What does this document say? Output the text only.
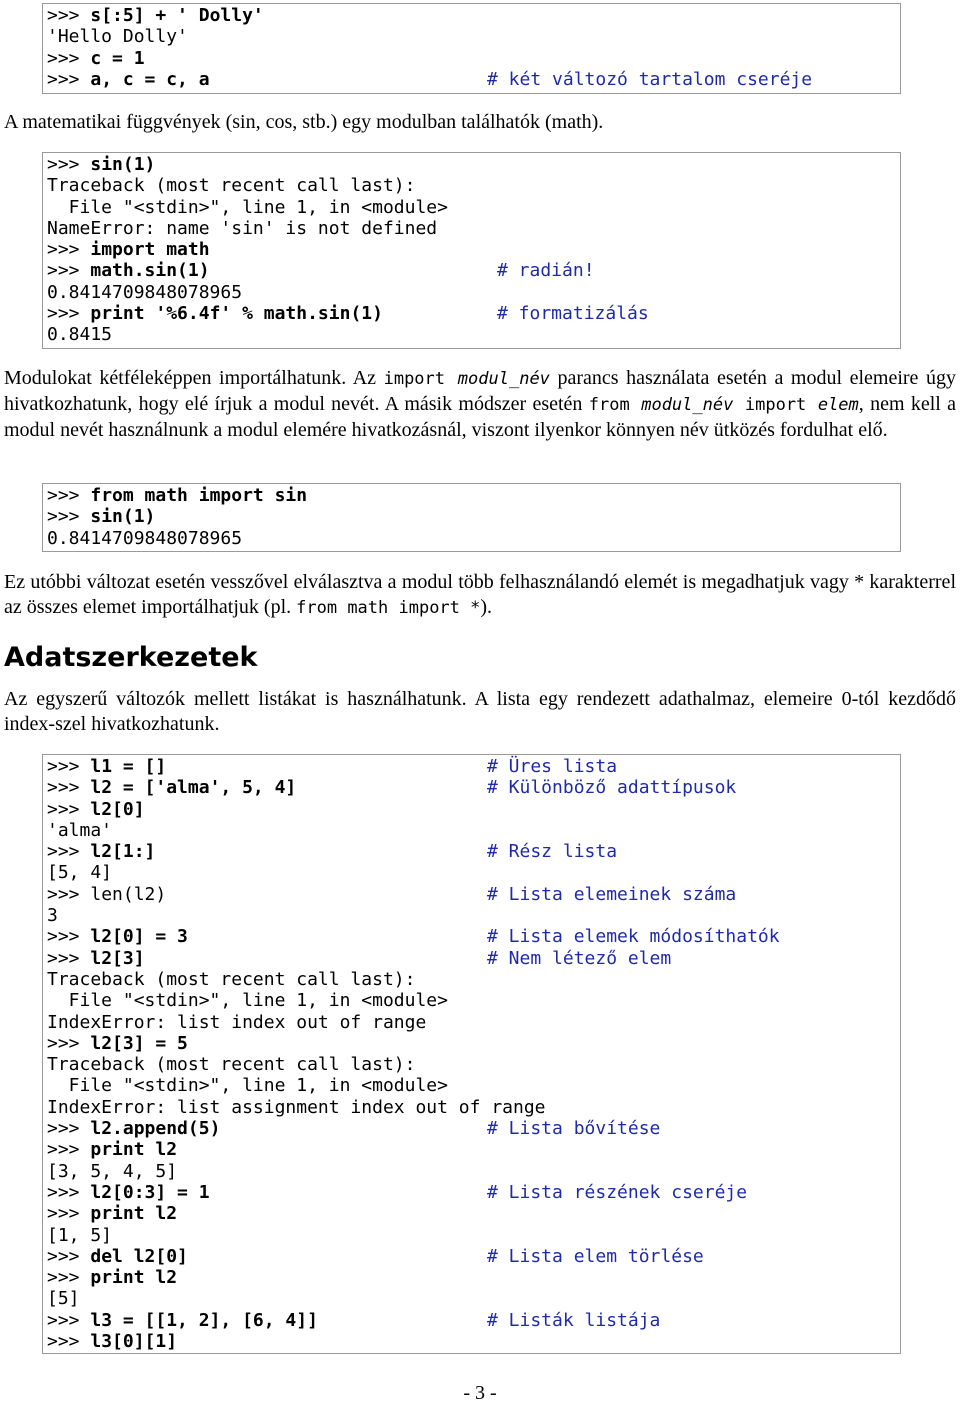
>>> s[:5] + ' Dolly'
'Hello Dolly'
>>> c = 1
>>> a, c = c, a	# két változó tartalom cseréje

A matematikai függvények (sin, cos, stb.) egy modulban találhatók (math).

>>> sin(1)
Traceback (most recent call last):
File "<stdin>", line 1, in <module>
NameError: name 'sin' is not defined
>>> import math
>>> math.sin(1)	# radián!
0.8414709848078965
>>> print '%6.4f' % math.sin(1)	# formatizálás
0.8415

Modulokat kétféleképpen importálhatunk. Az import modul_név parancs használata esetén a modul elemeire úgy hivatkozhatunk, hogy elé írjuk a modul nevét. A másik módszer esetén from modul_név import elem, nem kell a modul nevét használnunk a modul elemére hivatkozásnál, viszont ilyenkor könnyen név ütközés fordulhat elő.

>>> from math import sin
>>> sin(1)
0.8414709848078965

Ez utóbbi változat esetén vesszővel elválasztva a modul több felhasználandó elemét is megadhatjuk vagy * karakterrel az összes elemet importálhatjuk (pl. from math import *).

Adatszerkezetek

Az egyszerű változók mellett listákat is használhatunk. A lista egy rendezett adathalmaz, elemeire 0-tól kezdődő index-szel hivatkozhatunk.

>>> l1 = []	# Üres lista
>>> l2 = ['alma', 5, 4]	# Különböző adattípusok
>>> l2[0]
'alma'
>>> l2[1:]	# Rész lista
[5, 4]
>>> len(l2)	# Lista elemeinek száma
3
>>> l2[0] = 3	# Lista elemek módosíthatók
>>> l2[3]	# Nem létező elem
Traceback (most recent call last):
File "<stdin>", line 1, in <module>
IndexError: list index out of range
>>> l2[3] = 5
Traceback (most recent call last):
File "<stdin>", line 1, in <module>
IndexError: list assignment index out of range
>>> l2.append(5)	# Lista bővítése
>>> print l2
[3, 5, 4, 5]
>>> l2[0:3] = 1	# Lista részének cseréje
>>> print l2
[1, 5]
>>> del l2[0]	# Lista elem törlése
>>> print l2
[5]
>>> l3 = [[1, 2], [6, 4]]	# Listák listája
>>> l3[0][1]
- 3 -
